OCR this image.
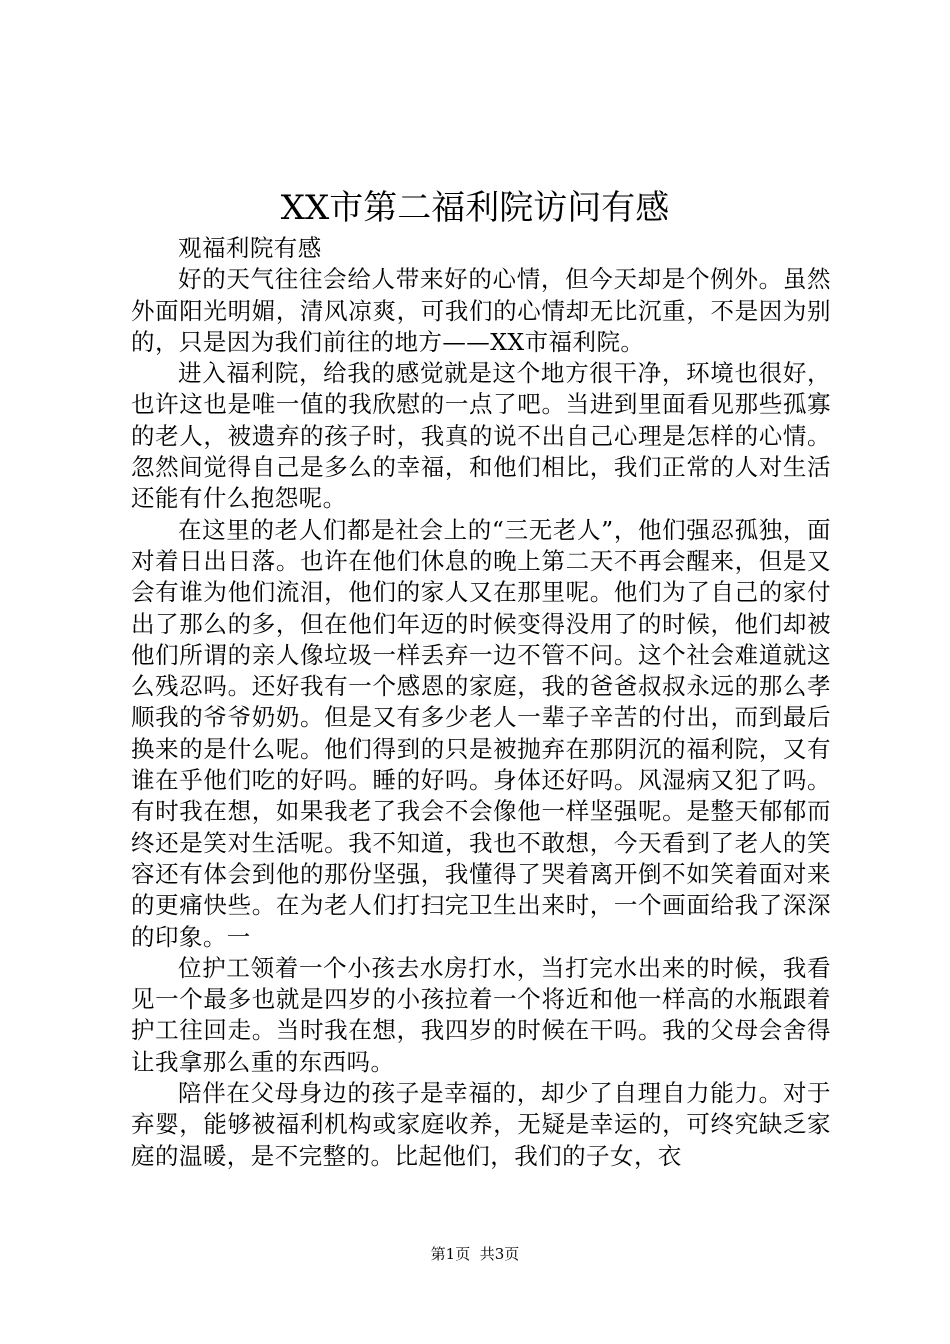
XX市第二福利院访问有感

观福利院有感

好的天气往往会给人带来好的心情，但今天却是个例外。虽然外面阳光明媚，清风凉爽，可我们的心情却无比沉重，不是因为别的，只是因为我们前往的地方——XX市福利院。

进入福利院，给我的感觉就是这个地方很干净，环境也很好，也许这也是唯一值的我欣慰的一点了吧。当进到里面看见那些孤寡的老人，被遗弃的孩子时，我真的说不出自己心理是怎样的心情。忽然间觉得自己是多么的幸福，和他们相比，我们正常的人对生活还能有什么抱怨呢。

在这里的老人们都是社会上的“三无老人”，他们强忍孤独，面对着日出日落。也许在他们休息的晚上第二天不再会醒来，但是又会有谁为他们流泪，他们的家人又在那里呢。他们为了自己的家付出了那么的多，但在他们年迈的时候变得没用了的时候，他们却被他们所谓的亲人像垃圾一样丢弃一边不管不问。这个社会难道就这么残忍吗。还好我有一个感恩的家庭，我的爸爸叔叔永远的那么孝顺我的爷爷奶奶。但是又有多少老人一辈子辛苦的付出，而到最后换来的是什么呢。他们得到的只是被抛弃在那阴沉的福利院，又有谁在乎他们吃的好吗。睡的好吗。身体还好吗。风湿病又犯了吗。有时我在想，如果我老了我会不会像他一样坚强呢。是整天郁郁而终还是笑对生活呢。我不知道，我也不敢想，今天看到了老人的笑容还有体会到他的那份坚强，我懂得了哭着离开倒不如笑着面对来的更痛快些。在为老人们打扫完卫生出来时，一个画面给我了深深的印象。一

位护工领着一个小孩去水房打水，当打完水出来的时候，我看见一个最多也就是四岁的小孩拉着一个将近和他一样高的水瓶跟着护工往回走。当时我在想，我四岁的时候在干吗。我的父母会舍得让我拿那么重的东西吗。

陪伴在父母身边的孩子是幸福的，却少了自理自力能力。对于弃婴，能够被福利机构或家庭收养，无疑是幸运的，可终究缺乏家庭的温暖，是不完整的。比起他们，我们的子女，衣

第1页 共3页
